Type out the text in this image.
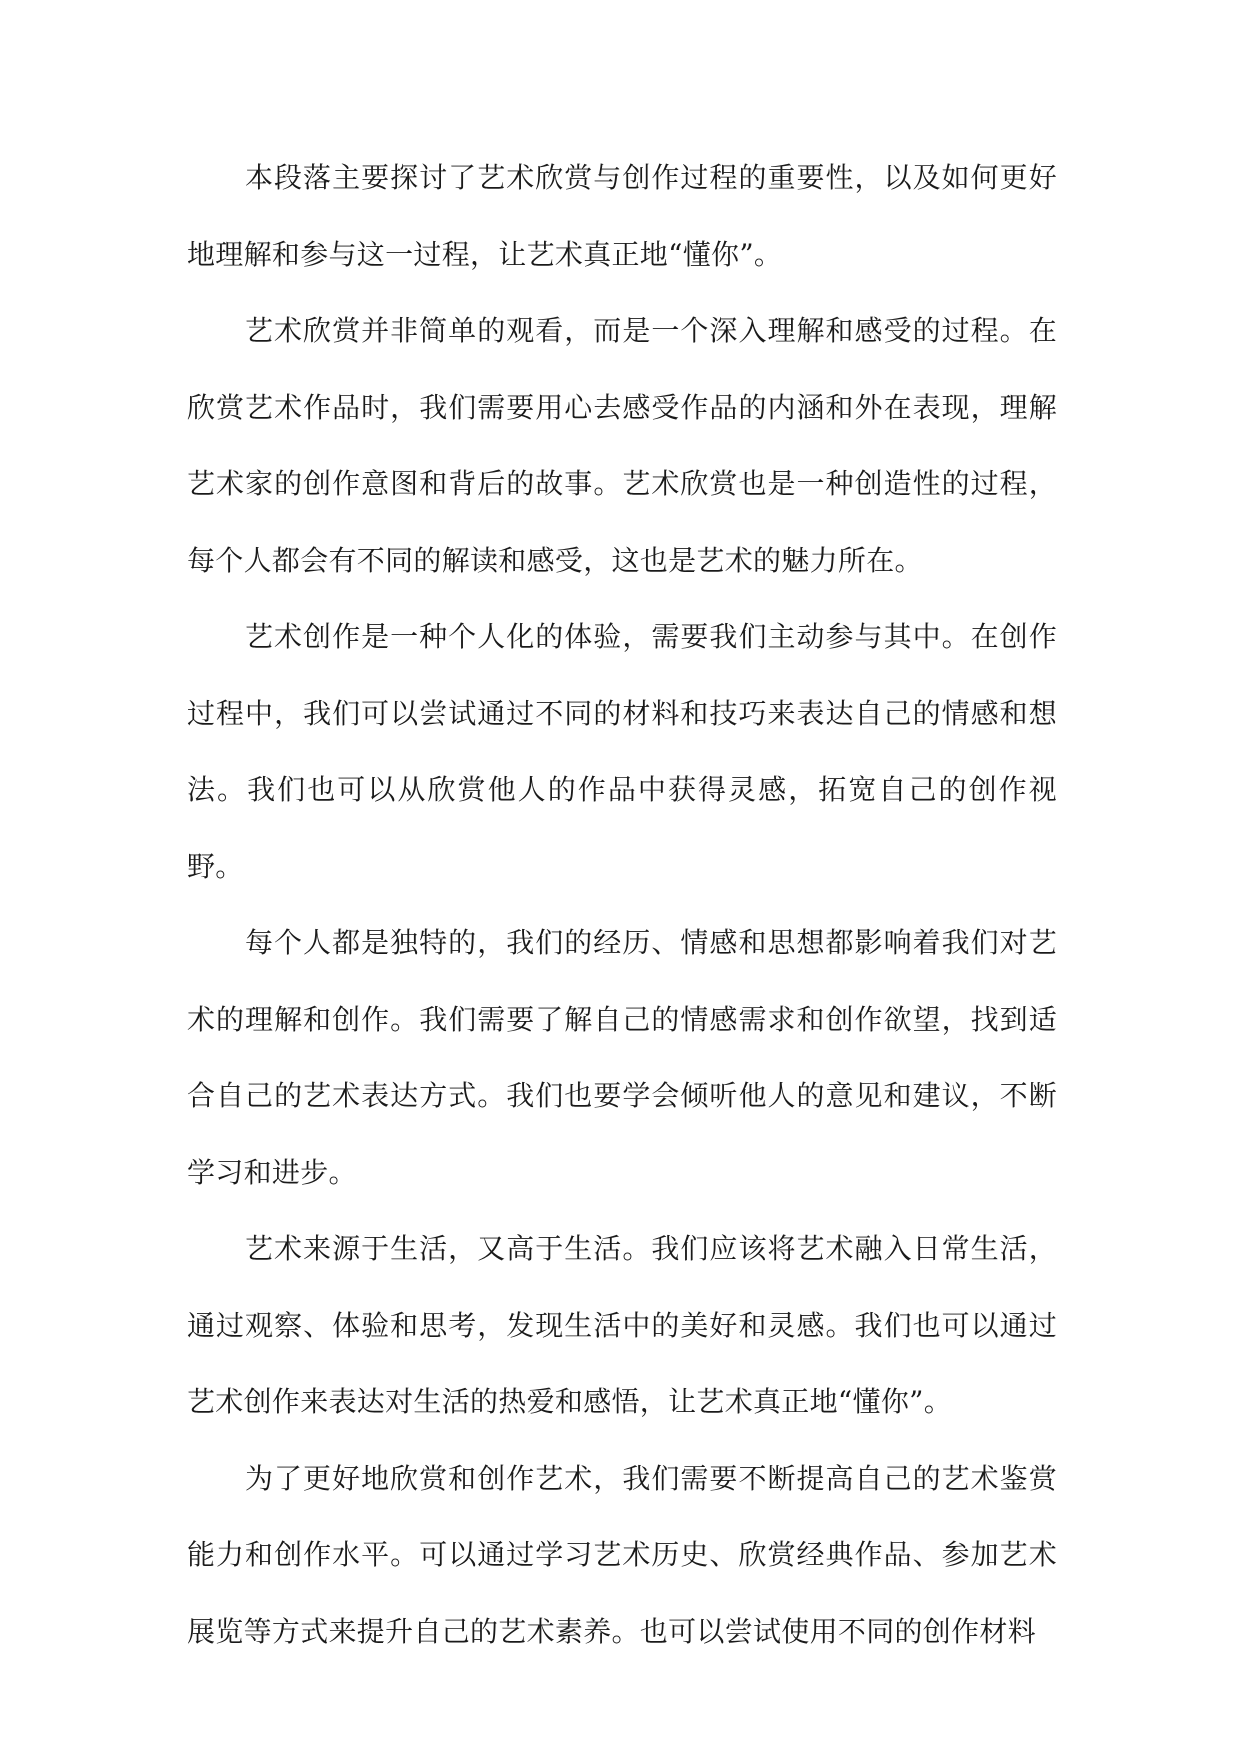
本段落主要探讨了艺术欣赏与创作过程的重要性，以及如何更好地理解和参与这一过程，让艺术真正地“懂你”。

艺术欣赏并非简单的观看，而是一个深入理解和感受的过程。在欣赏艺术作品时，我们需要用心去感受作品的内涵和外在表现，理解艺术家的创作意图和背后的故事。艺术欣赏也是一种创造性的过程，每个人都会有不同的解读和感受，这也是艺术的魅力所在。

艺术创作是一种个人化的体验，需要我们主动参与其中。在创作过程中，我们可以尝试通过不同的材料和技巧来表达自己的情感和想法。我们也可以从欣赏他人的作品中获得灵感，拓宽自己的创作视野。

每个人都是独特的，我们的经历、情感和思想都影响着我们对艺术的理解和创作。我们需要了解自己的情感需求和创作欲望，找到适合自己的艺术表达方式。我们也要学会倾听他人的意见和建议，不断学习和进步。

艺术来源于生活，又高于生活。我们应该将艺术融入日常生活，通过观察、体验和思考，发现生活中的美好和灵感。我们也可以通过艺术创作来表达对生活的热爱和感悟，让艺术真正地“懂你”。

为了更好地欣赏和创作艺术，我们需要不断提高自己的艺术鉴赏能力和创作水平。可以通过学习艺术历史、欣赏经典作品、参加艺术展览等方式来提升自己的艺术素养。也可以尝试使用不同的创作材料
